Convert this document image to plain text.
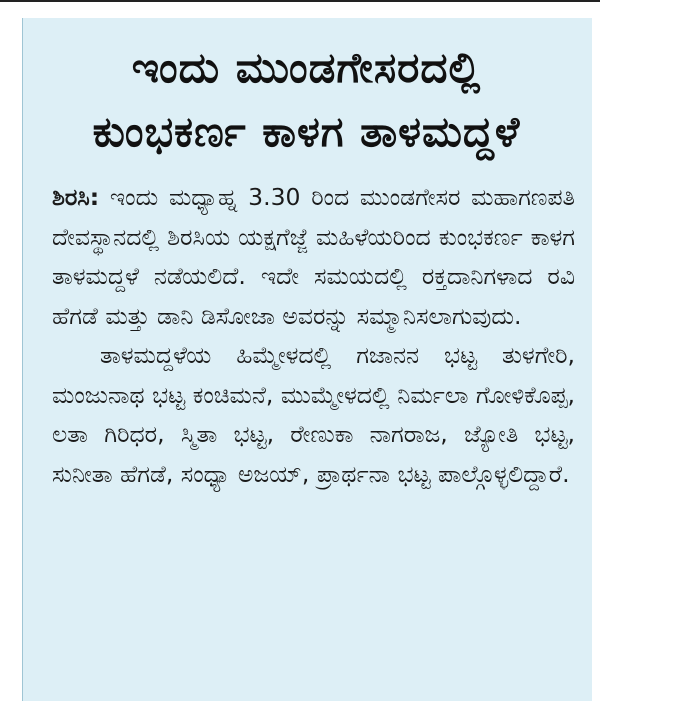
ಇಂದು ಮುಂಡಗೇಸರದಲ್ಲಿ
ಕುಂಭಕರ್ಣ ಕಾಳಗ ತಾಳಮದ್ದಳೆ

ಶಿರಸಿ: ಇಂದು ಮಧ್ಯಾಹ್ನ 3.30 ರಿಂದ ಮುಂಡಗೇಸರ ಮಹಾಗಣಪತಿ ದೇವಸ್ಥಾನದಲ್ಲಿ ಶಿರಸಿಯ ಯಕ್ಷಗೆಜ್ಜೆ ಮಹಿಳೆಯರಿಂದ ಕುಂಭಕರ್ಣ ಕಾಳಗ ತಾಳಮದ್ದಳೆ ನಡೆಯಲಿದೆ. ಇದೇ ಸಮಯದಲ್ಲಿ ರಕ್ತದಾನಿಗಳಾದ ರವಿ ಹೆಗಡೆ ಮತ್ತು ಡಾನಿ ಡಿಸೋಜಾ ಅವರನ್ನು ಸಮ್ಮಾನಿಸಲಾಗುವುದು.

ತಾಳಮದ್ದಳೆಯ ಹಿಮ್ಮೇಳದಲ್ಲಿ ಗಜಾನನ ಭಟ್ಟ ತುಳಗೇರಿ, ಮಂಜುನಾಥ ಭಟ್ಟ ಕಂಚಿಮನೆ, ಮುಮ್ಮೇಳದಲ್ಲಿ ನಿರ್ಮಲಾ ಗೋಳಿಕೊಪ್ಪ, ಲತಾ ಗಿರಿಧರ, ಸ್ಮಿತಾ ಭಟ್ಟ, ರೇಣುಕಾ ನಾಗರಾಜ, ಜ್ಯೋತಿ ಭಟ್ಟ, ಸುನೀತಾ ಹೆಗಡೆ, ಸಂಧ್ಯಾ ಅಜಯ್, ಪ್ರಾರ್ಥನಾ ಭಟ್ಟ ಪಾಲ್ಗೊಳ್ಳಲಿದ್ದಾರೆ.
